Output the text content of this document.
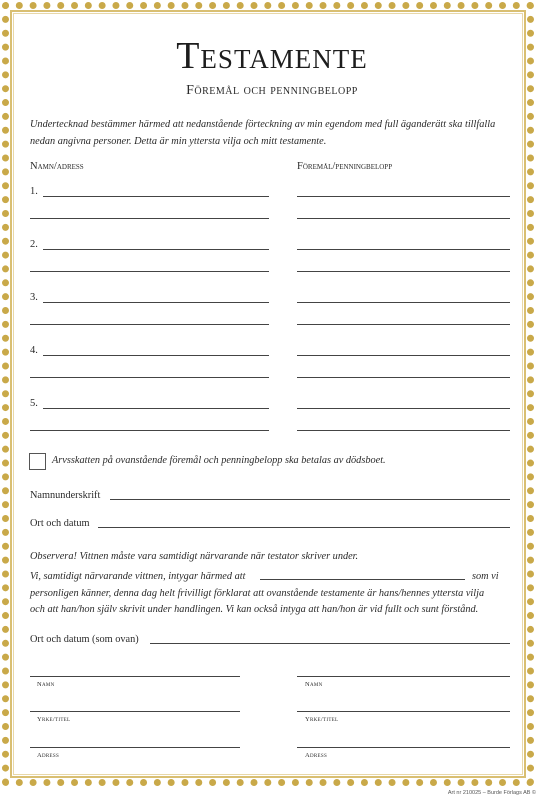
Testamente
Föremål och penningbelopp
Undertecknad bestämmer härmed att nedanstående förteckning av min egendom med full äganderätt ska tillfalla nedan angivna personer. Detta är min yttersta vilja och mitt testamente.
Namn/adress	Föremål/penningbelopp
1.
2.
3.
4.
5.
Arvsskatten på ovanstående föremål och penningbelopp ska betalas av dödsboet.
Namnunderskrift
Ort och datum
Observera! Vittnen måste vara samtidigt närvarande när testator skriver under.
Vi, samtidigt närvarande vittnen, intygar härmed att	som vi
personligen känner, denna dag helt frivilligt förklarat att ovanstående testamente är hans/hennes yttersta vilja
och att han/hon själv skrivit under handlingen. Vi kan också intyga att han/hon är vid fullt och sunt förstånd.
Ort och datum (som ovan)
Namn
Yrke/titel
Adress
Namn
Yrke/titel
Adress
Art nr 210025 – Burde Förlags AB ©
